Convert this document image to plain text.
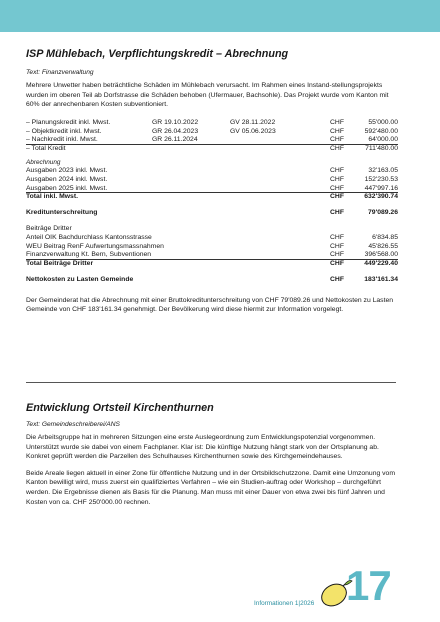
ISP Mühlebach, Verpflichtungskredit – Abrechnung
Text: Finanzverwaltung

Mehrere Unwetter haben beträchtliche Schäden im Mühlebach verursacht. Im Rahmen eines Instand-stellungsprojekts wurden im oberen Teil ab Dorfstrasse die Schäden behoben (Ufermauer, Bachsohle). Das Projekt wurde vom Kanton mit 60% der anrechenbaren Kosten subventioniert.

– Planungskredit inkl. Mwst.	GR 19.10.2022	GV 28.11.2022	CHF	55'000.00
– Objektkredit inkl. Mwst.	GR 26.04.2023	GV 05.06.2023	CHF	592'480.00
– Nachkredit inkl. Mwst.	GR 26.11.2024	CHF	64'000.00
– Total Kredit	CHF	711'480.00
Abrechnung
Ausgaben 2023 inkl. Mwst.	CHF	32'163.05
Ausgaben 2024 inkl. Mwst.	CHF	152'230.53
Ausgaben 2025 inkl. Mwst.	CHF	447'997.16
Total inkl. Mwst.	CHF	632'390.74
Kreditunterschreitung	CHF	79'089.26
Beiträge Dritter
Anteil OIK Bachdurchlass Kantonsstrasse	CHF	6'834.85
WEU Beitrag RenF Aufwertungsmassnahmen	CHF	45'826.55
Finanzverwaltung Kt. Bern, Subventionen	CHF	396'568.00
Total Beiträge Dritter	CHF	449'229.40
Nettokosten zu Lasten Gemeinde	CHF	183'161.34

Der Gemeinderat hat die Abrechnung mit einer Bruttokreditunterschreitung von CHF 79'089.26 und Nettokosten zu Lasten Gemeinde von CHF 183'161.34 genehmigt. Der Bevölkerung wird diese hiermit zur Information vorgelegt.

Entwicklung Ortsteil Kirchenthurnen
Text: Gemeindeschreiberei/ANS

Die Arbeitsgruppe hat in mehreren Sitzungen eine erste Auslegeordnung zum Entwicklungspotenzial vorgenommen. Unterstützt wurde sie dabei von einem Fachplaner. Klar ist: Die künftige Nutzung hängt stark von der Ortsplanung ab. Konkret geprüft werden die Parzellen des Schulhauses Kirchenthurnen sowie des Kirchgemeindehauses.

Beide Areale liegen aktuell in einer Zone für öffentliche Nutzung und in der Ortsbildschutzzone. Damit eine Umzonung vom Kanton bewilligt wird, muss zuerst ein qualifiziertes Verfahren – wie ein Studien-auftrag oder Workshop – durchgeführt werden. Die Ergebnisse dienen als Basis für die Planung. Man muss mit einer Dauer von etwa zwei bis fünf Jahren und Kosten von ca. CHF 250'000.00 rechnen.

Informationen 1|2026 17
